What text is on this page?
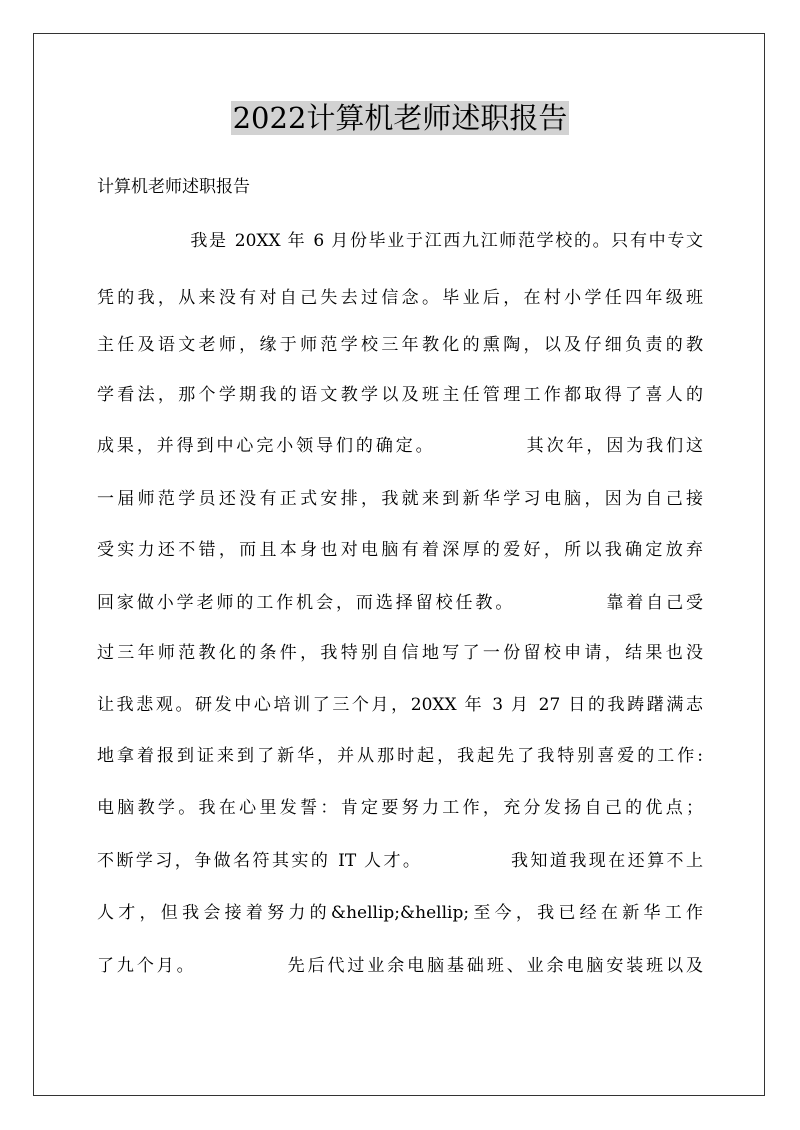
2022计算机老师述职报告
计算机老师述职报告
　　　　　我是 20XX 年 6 月份毕业于江西九江师范学校的。只有中专文
凭的我，从来没有对自己失去过信念。毕业后，在村小学任四年级班
主任及语文老师，缘于师范学校三年教化的熏陶，以及仔细负责的教
学看法，那个学期我的语文教学以及班主任管理工作都取得了喜人的
成果，并得到中心完小领导们的确定。　　　　　其次年，因为我们这
一届师范学员还没有正式安排，我就来到新华学习电脑，因为自己接
受实力还不错，而且本身也对电脑有着深厚的爱好，所以我确定放弃
回家做小学老师的工作机会，而选择留校任教。　　　　　靠着自己受
过三年师范教化的条件，我特别自信地写了一份留校申请，结果也没
让我悲观。研发中心培训了三个月，20XX 年 3 月 27 日的我踌躇满志
地拿着报到证来到了新华，并从那时起，我起先了我特别喜爱的工作:
电脑教学。我在心里发誓：肯定要努力工作，充分发扬自己的优点；
不断学习，争做名符其实的 IT 人才。　　　　　我知道我现在还算不上
人才，但我会接着努力的&hellip;&hellip;至今，我已经在新华工作
了九个月。　　　　　先后代过业余电脑基础班、业余电脑安装班以及
